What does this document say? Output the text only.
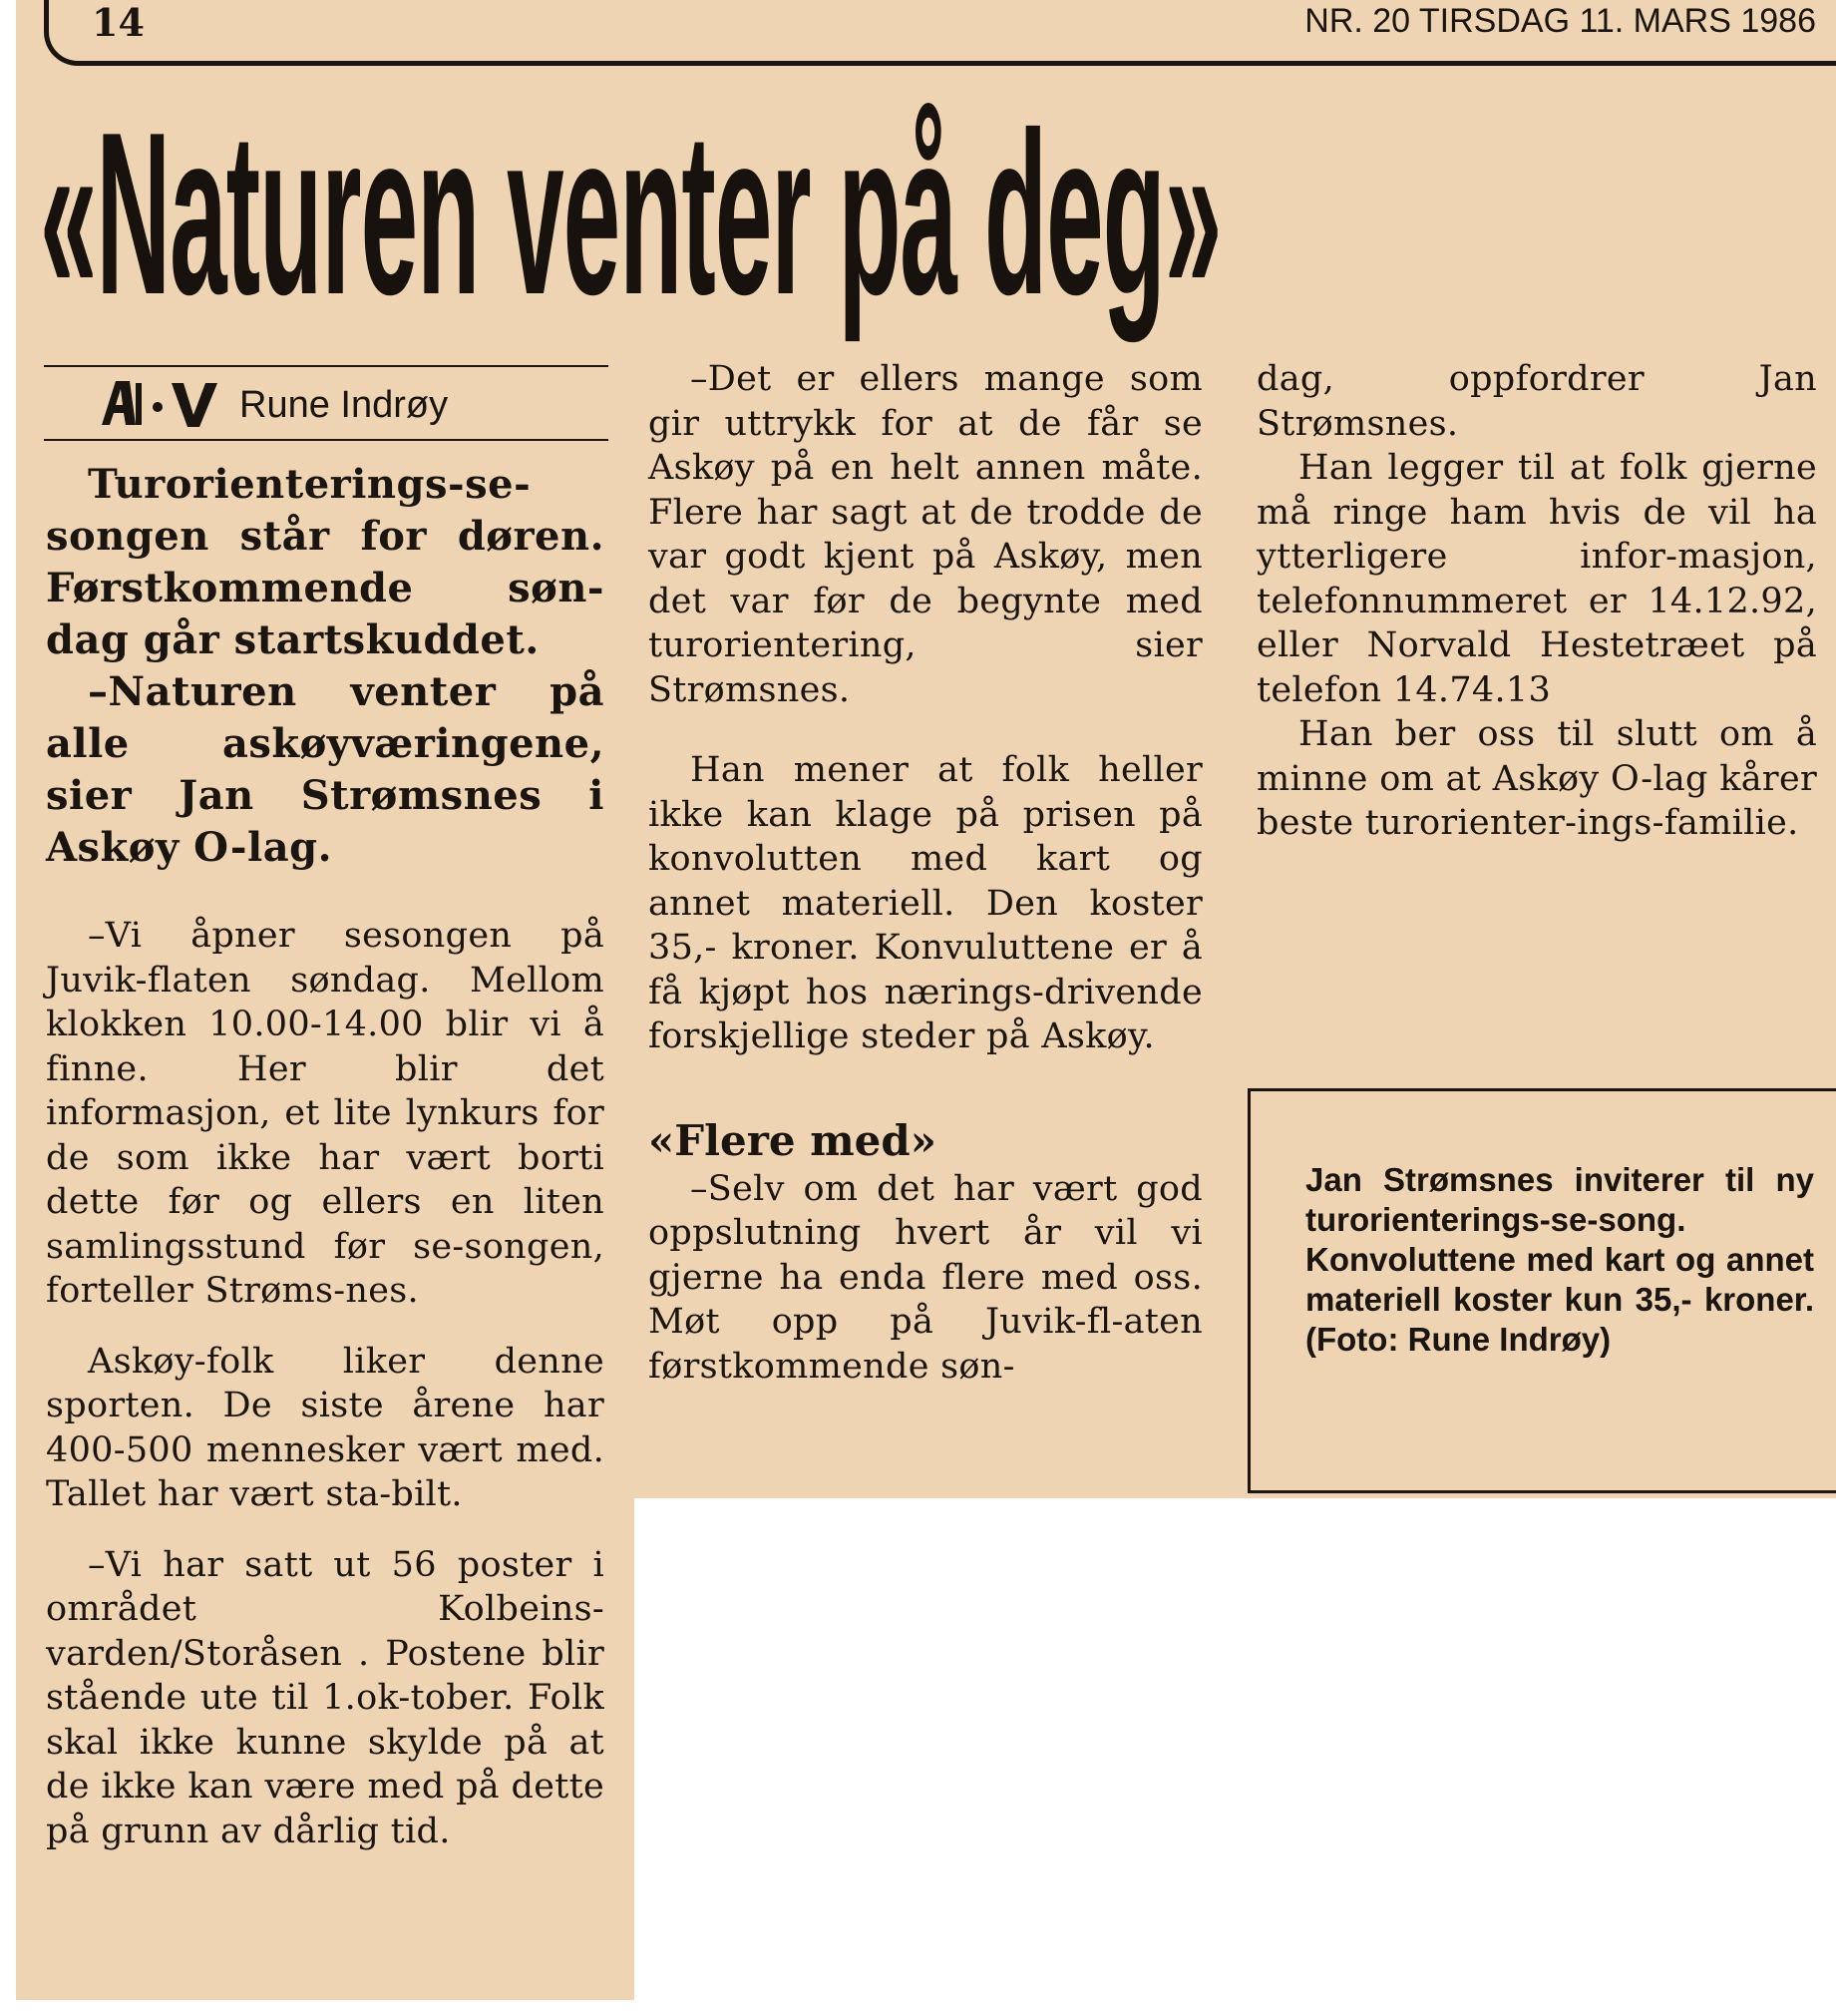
14	NR. 20 TIRSDAG 11. MARS 1986
«Naturen venter på deg»
Rune Indrøy

Turorienterings-se-songen står for døren. Førstkommende søn-dag går startskuddet.

–Naturen venter på alle askøyværingene, sier Jan Strømsnes i Askøy O-lag.

–Vi åpner sesongen på Juvik-flaten søndag. Mellom klokken 10.00-14.00 blir vi å finne. Her blir det informasjon, et lite lynkurs for de som ikke har vært borti dette før og ellers en liten samlingsstund før se-songen, forteller Strøms-nes.

Askøy-folk liker denne sporten. De siste årene har 400-500 mennesker vært med. Tallet har vært sta-bilt.

–Vi har satt ut 56 poster i området Kolbeins-varden/Storåsen . Postene blir stående ute til 1.ok-tober. Folk skal ikke kunne skylde på at de ikke kan være med på dette på grunn av dårlig tid.

–Det er ellers mange som gir uttrykk for at de får se Askøy på en helt annen måte. Flere har sagt at de trodde de var godt kjent på Askøy, men det var før de begynte med turorientering, sier Strømsnes.

Han mener at folk heller ikke kan klage på prisen på konvolutten med kart og annet materiell. Den koster 35,- kroner. Konvuluttene er å få kjøpt hos nærings-drivende forskjellige steder på Askøy.

«Flere med»

–Selv om det har vært god oppslutning hvert år vil vi gjerne ha enda flere med oss. Møt opp på Juvik-fl-aten førstkommende søn-

dag, oppfordrer Jan Strømsnes.

Han legger til at folk gjerne må ringe ham hvis de vil ha ytterligere infor-masjon, telefonnummeret er 14.12.92, eller Norvald Hestetræet på telefon 14.74.13

Han ber oss til slutt om å minne om at Askøy O-lag kårer beste turorienter-ings-familie.

Jan Strømsnes inviterer til ny turorienterings-se-song. Konvoluttene med kart og annet materiell koster kun 35,- kroner. (Foto: Rune Indrøy)
